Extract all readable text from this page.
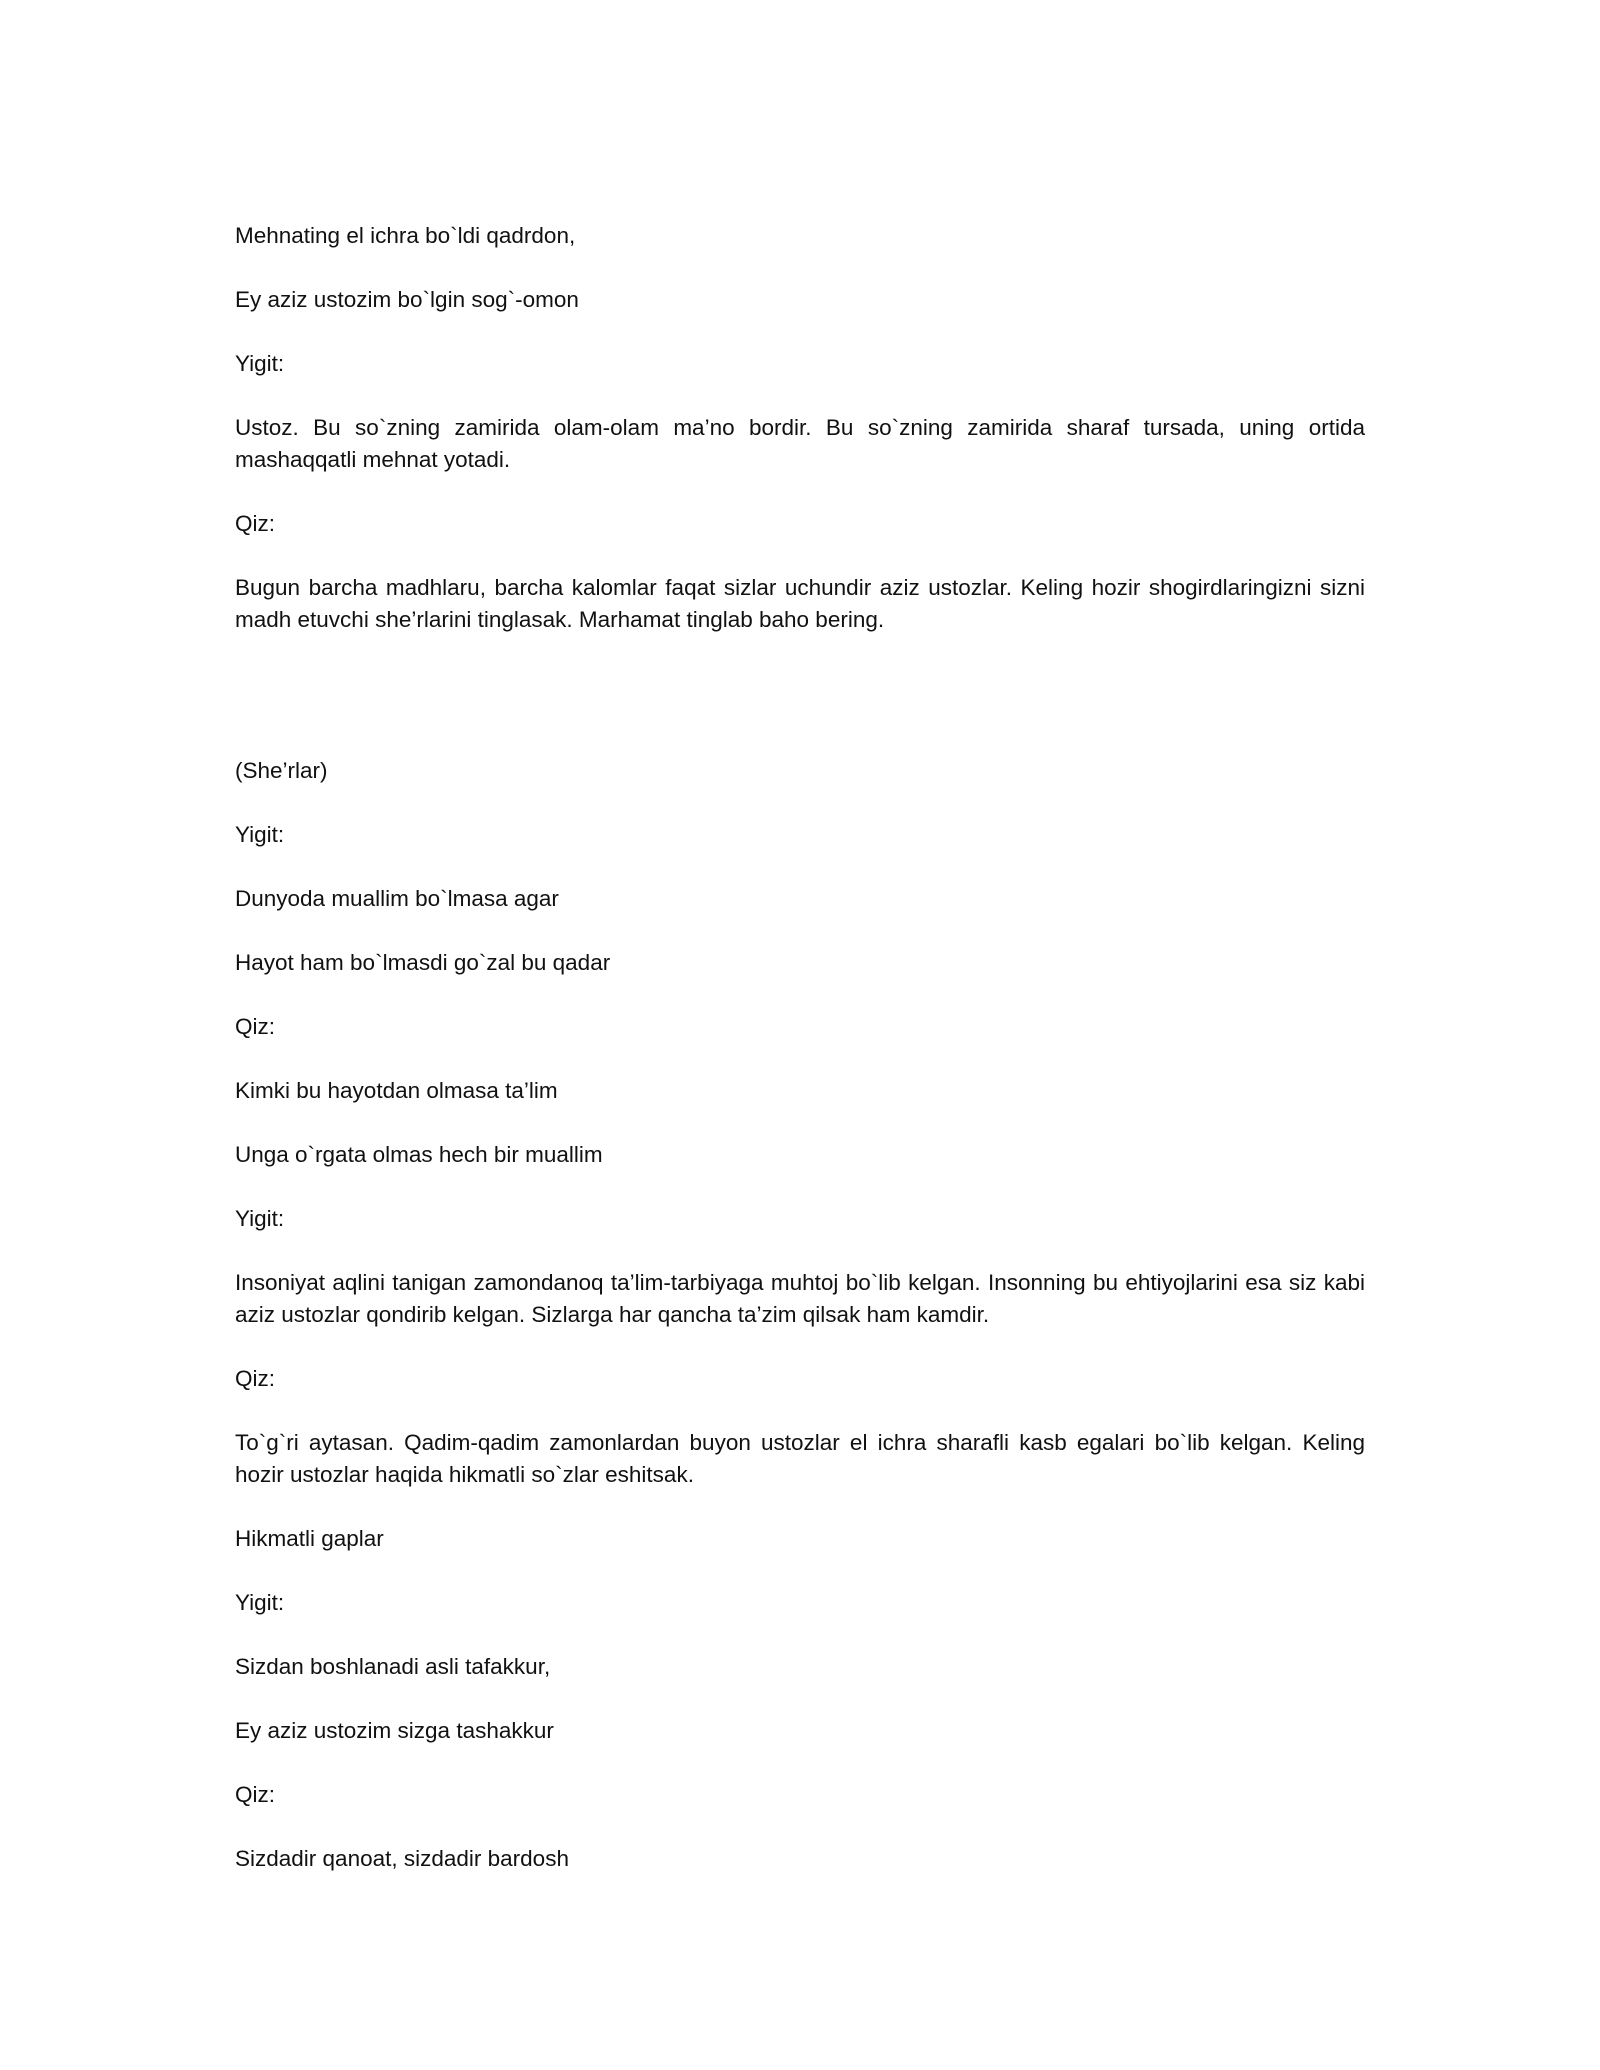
Mehnating el ichra bo`ldi qadrdon,

Ey aziz ustozim bo`lgin sog`-omon

Yigit:

Ustoz. Bu so`zning zamirida olam-olam ma’no bordir. Bu so`zning zamirida sharaf tursada, uning ortida mashaqqatli mehnat yotadi.

Qiz:

Bugun barcha madhlaru, barcha kalomlar faqat sizlar uchundir aziz ustozlar. Keling hozir shogirdlaringizni sizni madh etuvchi she’rlarini tinglasak. Marhamat tinglab baho bering.

(She’rlar)

Yigit:

Dunyoda muallim bo`lmasa agar

Hayot ham bo`lmasdi go`zal bu qadar

Qiz:

Kimki bu hayotdan olmasa ta’lim

Unga o`rgata olmas hech bir muallim

Yigit:

Insoniyat aqlini tanigan zamondanoq ta’lim-tarbiyaga muhtoj bo`lib kelgan. Insonning bu ehtiyojlarini esa siz kabi aziz ustozlar qondirib kelgan. Sizlarga har qancha ta’zim qilsak ham kamdir.

Qiz:

To`g`ri aytasan. Qadim-qadim zamonlardan buyon ustozlar el ichra sharafli kasb egalari bo`lib kelgan. Keling hozir ustozlar haqida hikmatli so`zlar eshitsak.

Hikmatli gaplar

Yigit:

Sizdan boshlanadi asli tafakkur,

Ey aziz ustozim sizga tashakkur

Qiz:

Sizdadir qanoat, sizdadir bardosh
